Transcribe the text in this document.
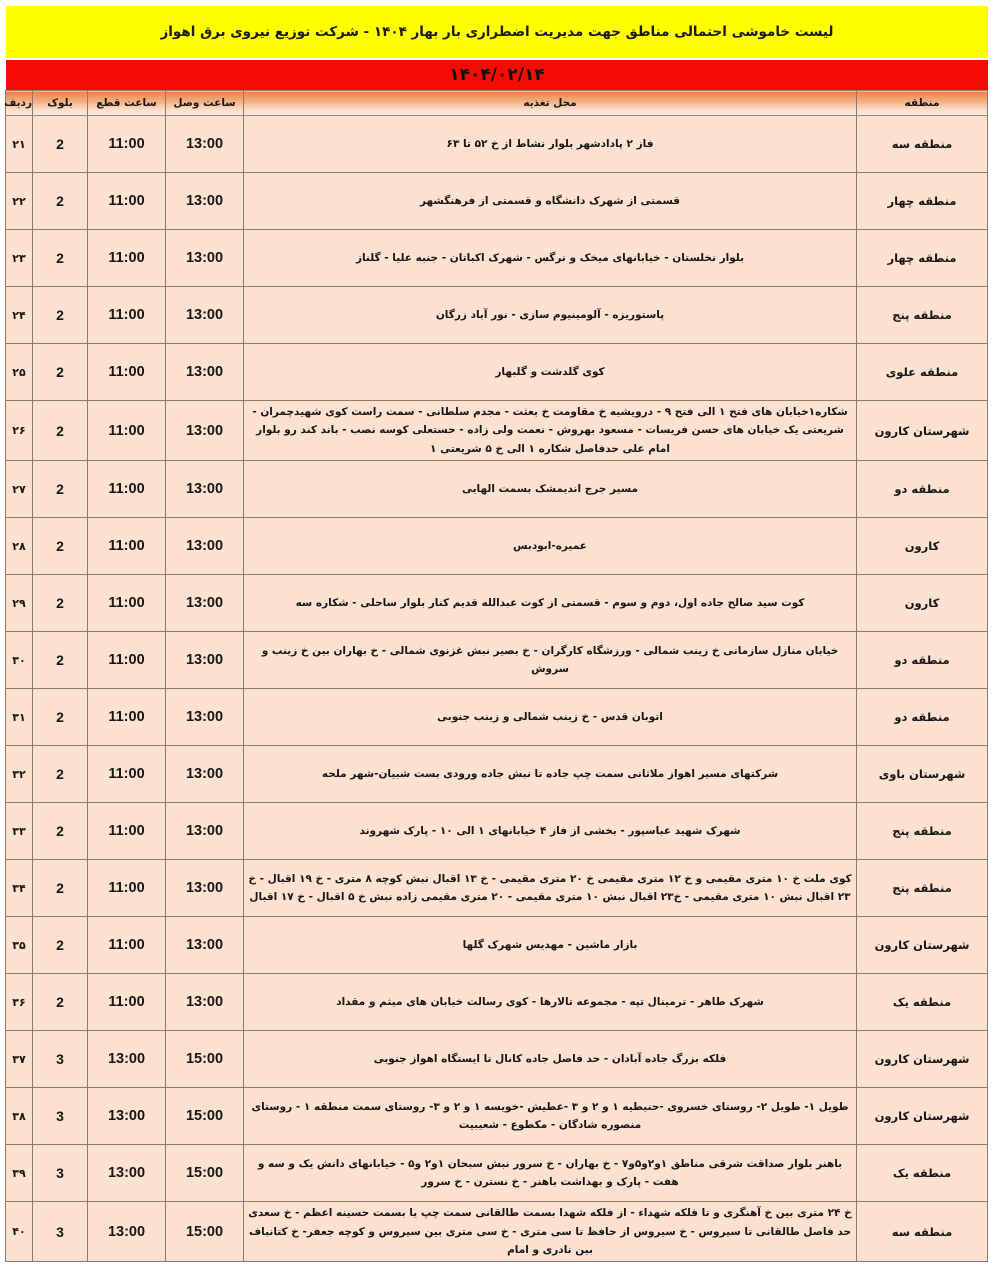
لیست خاموشی احتمالی مناطق جهت مدیریت اضطراری بار بهار ۱۴۰۴ - شرکت توزیع نیروی برق اهواز
۱۴۰۴/۰۲/۱۴
منطقه	محل تغذیه	ساعت وصل	ساعت قطع	بلوک	ردیف
منطقه سه	فاز ۲ پادادشهر بلوار نشاط از خ ۵۲ تا ۶۳	13:00	11:00	2	۲۱
منطقه چهار	قسمتی از شهرک دانشگاه و قسمتی از فرهنگشهر	13:00	11:00	2	۲۲
منطقه چهار	بلوار نخلستان - خیابانهای میخک و نرگس - شهرک اکباتان - جنبه علیا - گلناز	13:00	11:00	2	۲۳
منطقه پنج	پاستوریزه - آلومینیوم سازی - نور آباد زرگان	13:00	11:00	2	۲۴
منطقه علوی	کوی گلدشت و گلبهار	13:00	11:00	2	۲۵
شهرستان کارون	شکاره۱خیابان های فتح ۱ الی فتح ۹ - درویشیه خ مقاومت خ بعثت - مجدم سلطانی - سمت راست کوی شهیدچمران - شریعتی یک خیابان های حسن فریسات - مسعود بهروش - نعمت ولی زاده - حستعلی کوسه نصب - باند کند رو بلوار امام علی حدفاصل شکاره ۱ الی خ ۵ شریعتی ۱	13:00	11:00	2	۲۶
منطقه دو	مسیر جرج اندیمشک بسمت الهایی	13:00	11:00	2	۲۷
کارون	عمیره-ابودبس	13:00	11:00	2	۲۸
کارون	کوت سید صالح جاده اول، دوم و سوم - قسمتی از کوت عبدالله قدیم کنار بلوار ساحلی - شکاره سه	13:00	11:00	2	۲۹
منطقه دو	خیابان منازل سازمانی خ زینب شمالی - ورزشگاه کارگران - خ بصیر نبش غزنوی شمالی - خ بهاران بین خ زینب و سروش	13:00	11:00	2	۳۰
منطقه دو	اتوبان قدس - خ زینب شمالی و زینب جنوبی	13:00	11:00	2	۳۱
شهرستان باوی	شرکتهای مسیر اهواز ملاثانی سمت چپ جاده تا نبش جاده ورودی بست شبیان-شهر ملحه	13:00	11:00	2	۳۲
منطقه پنج	شهرک شهید عباسپور - بخشی از فاز ۴ خیابانهای ۱ الی ۱۰ - پارک شهروند	13:00	11:00	2	۳۳
منطقه پنج	کوی ملت خ ۱۰ متری مقیمی و خ ۱۲ متری مقیمی خ ۲۰ متری مقیمی - خ ۱۳ اقبال نبش کوچه ۸ متری - خ ۱۹ اقبال - خ ۲۳ اقبال نبش ۱۰ متری مقیمی - خ۲۳ اقبال نبش ۱۰ متری مقیمی - ۲۰ متری مقیمی زاده نبش خ ۵ اقبال - خ ۱۷ اقبال	13:00	11:00	2	۳۴
شهرستان کارون	بازار ماشین - مهدیس شهرک گلها	13:00	11:00	2	۳۵
منطقه یک	شهرک طاهر - ترمینال تپه - مجموعه تالارها - کوی رسالت خیابان های میثم و مقداد	13:00	11:00	2	۳۶
شهرستان کارون	فلکه بزرگ جاده آبادان - حد فاصل جاده کانال تا ایستگاه اهواز جنوبی	15:00	13:00	3	۳۷
شهرستان کارون	طویل ۱- طویل ۲- روستای خسروی -حنیطیه ۱ و ۲ و ۳ -عطیش -خویسه ۱ و ۲ و ۳- روستای سمت منطقه ۱ - روستای منصوره شادگان - مکطوع - شعیبیت	15:00	13:00	3	۳۸
منطقه یک	باهنر بلوار صداقت شرقی مناطق ۱و۲و۵و۷ - خ بهاران - خ سرور نبش سبحان ۱و۲ و۵ - خیابانهای دانش یک و سه و هفت - پارک و بهداشت باهنر - خ نسترن - خ سرور	15:00	13:00	3	۳۹
منطقه سه	خ ۲۴ متری بین خ آهنگری و تا فلکه شهداء - از فلکه شهدا بسمت طالقانی سمت چپ یا بسمت حسینه اعظم - خ سعدی حد فاصل طالقانی تا سیروس - خ سیروس از حافظ تا سی متری - خ سی متری بین سیروس و کوچه جعفر- خ کتانباف بین نادری و امام	15:00	13:00	3	۴۰
